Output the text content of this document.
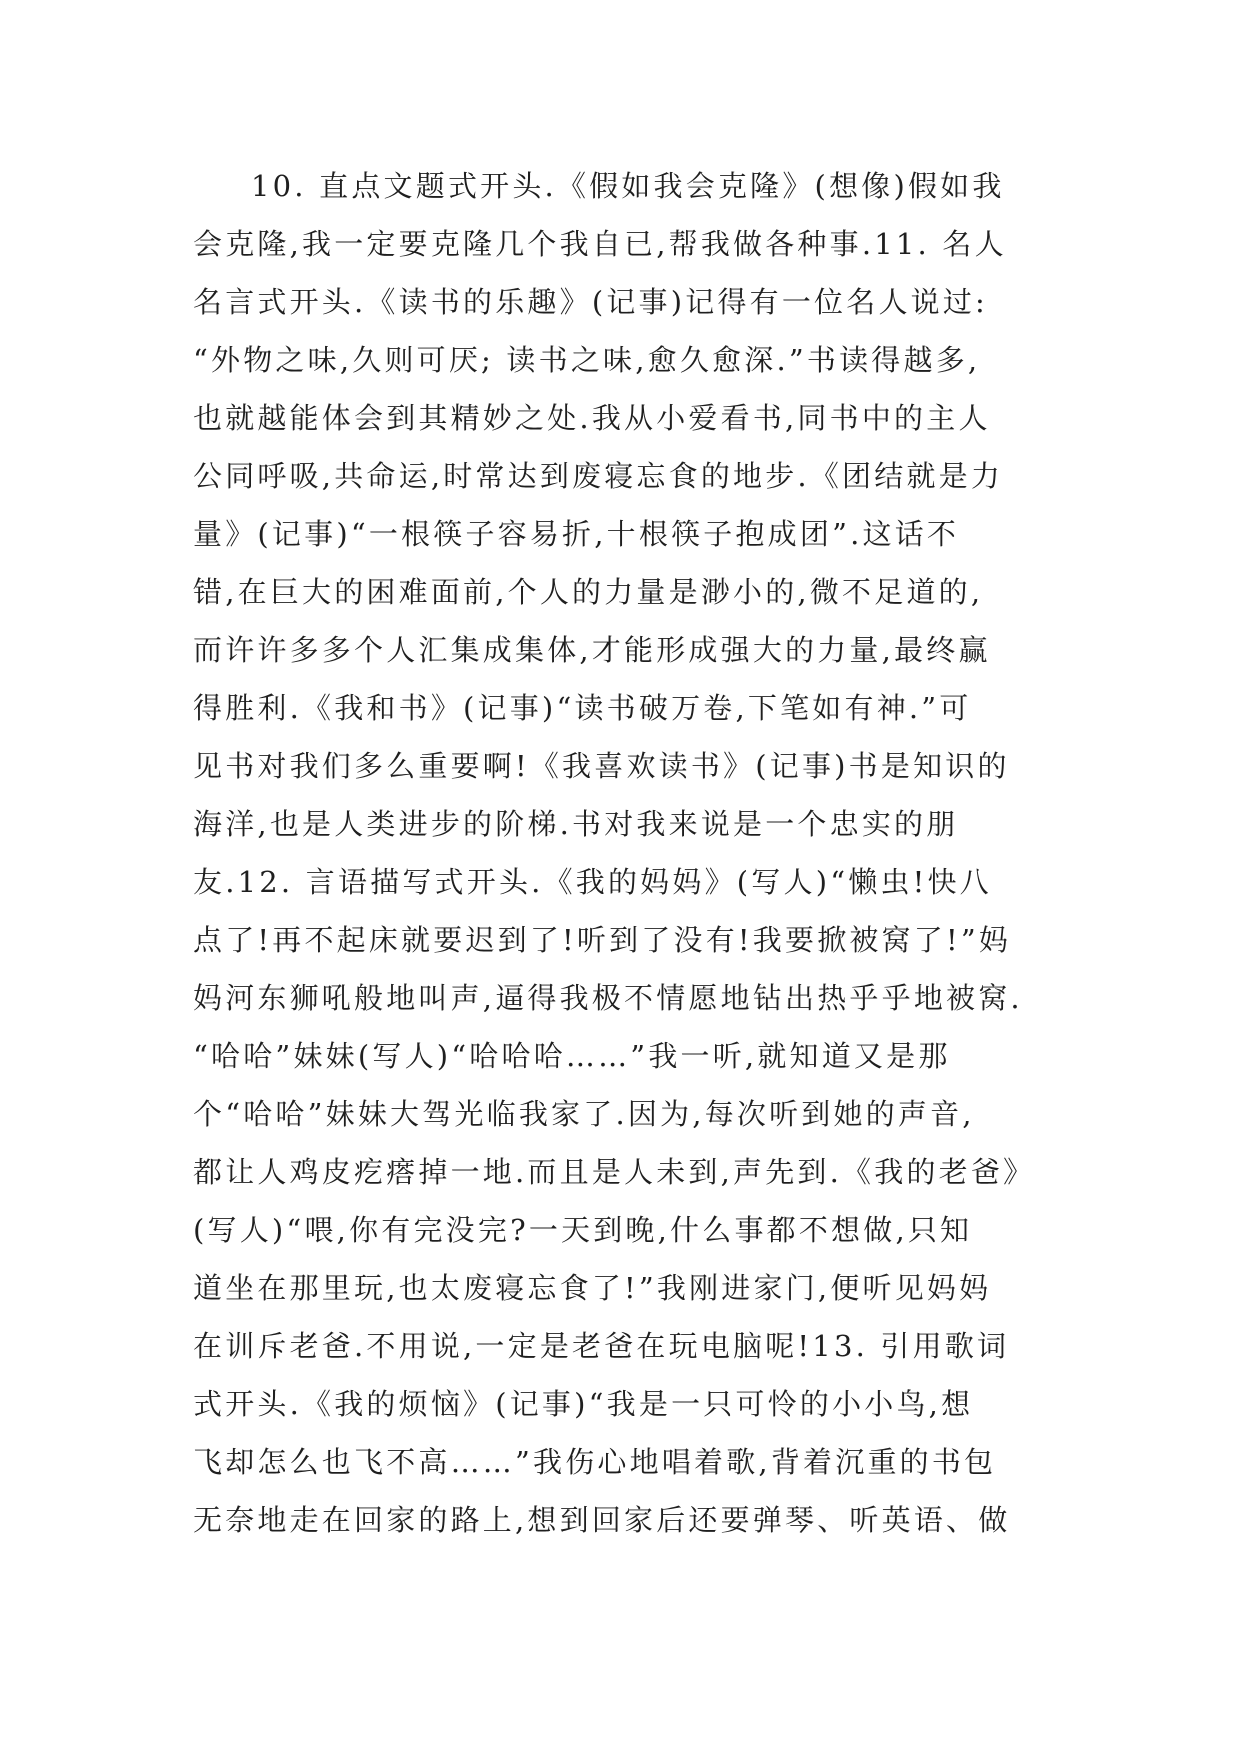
10. 直点文题式开头.《假如我会克隆》(想像)假如我
会克隆,我一定要克隆几个我自已,帮我做各种事.11. 名人
名言式开头.《读书的乐趣》(记事)记得有一位名人说过:
“外物之味,久则可厌; 读书之味,愈久愈深.”书读得越多,
也就越能体会到其精妙之处.我从小爱看书,同书中的主人
公同呼吸,共命运,时常达到废寝忘食的地步.《团结就是力
量》(记事)“一根筷子容易折,十根筷子抱成团”.这话不
错,在巨大的困难面前,个人的力量是渺小的,微不足道的,
而许许多多个人汇集成集体,才能形成强大的力量,最终赢
得胜利.《我和书》(记事)“读书破万卷,下笔如有神.”可
见书对我们多么重要啊!《我喜欢读书》(记事)书是知识的
海洋,也是人类进步的阶梯.书对我来说是一个忠实的朋
友.12. 言语描写式开头.《我的妈妈》(写人)“懒虫!快八
点了!再不起床就要迟到了!听到了没有!我要掀被窝了!”妈
妈河东狮吼般地叫声,逼得我极不情愿地钻出热乎乎地被窝.
“哈哈”妹妹(写人)“哈哈哈……”我一听,就知道又是那
个“哈哈”妹妹大驾光临我家了.因为,每次听到她的声音,
都让人鸡皮疙瘩掉一地.而且是人未到,声先到.《我的老爸》
(写人)“喂,你有完没完?一天到晚,什么事都不想做,只知
道坐在那里玩,也太废寝忘食了!”我刚进家门,便听见妈妈
在训斥老爸.不用说,一定是老爸在玩电脑呢!13. 引用歌词
式开头.《我的烦恼》(记事)“我是一只可怜的小小鸟,想
飞却怎么也飞不高……”我伤心地唱着歌,背着沉重的书包
无奈地走在回家的路上,想到回家后还要弹琴、听英语、做
